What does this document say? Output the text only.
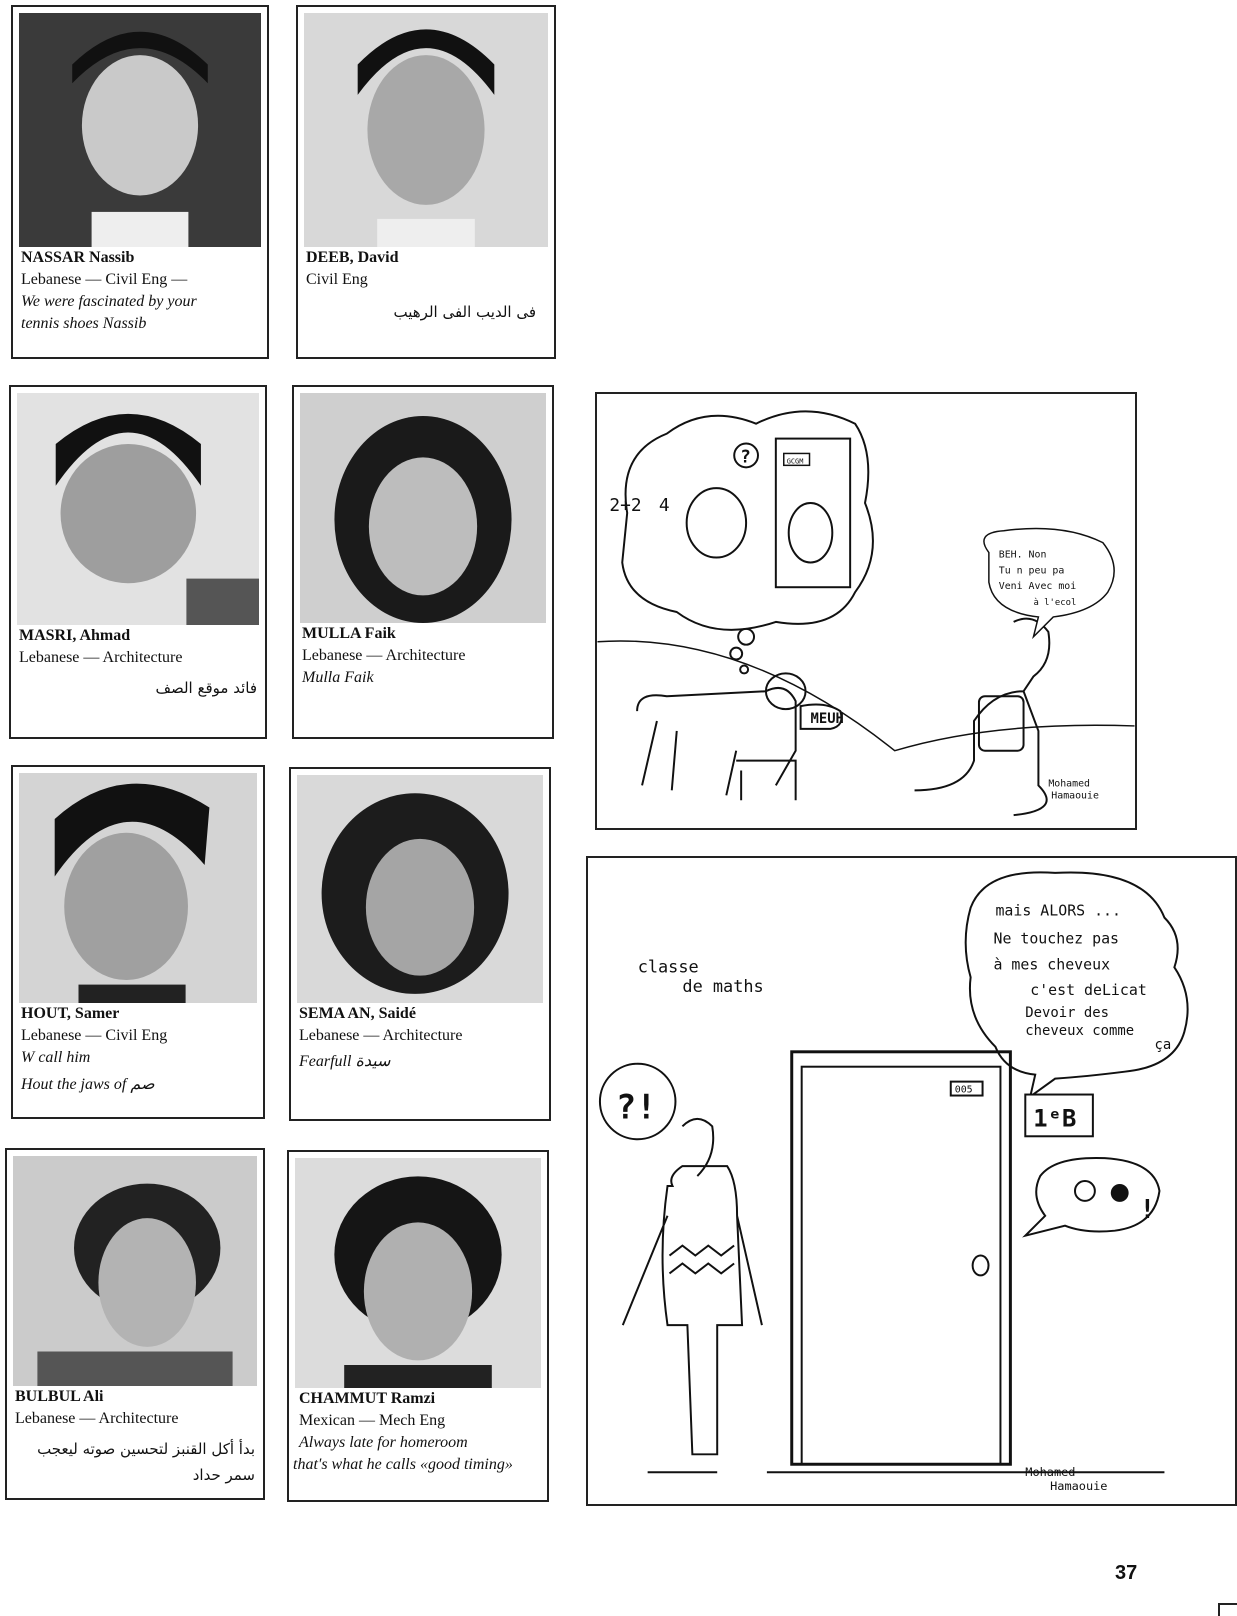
NASSAR Nassib
Lebanese — Civil Eng —
We were fascinated by your
tennis shoes Nassib
DEEB, David
Civil Eng
فى الديب الفى الرهيب
MASRI, Ahmad
Lebanese — Architecture
فائد موقع الصف
MULLA Faik
Lebanese — Architecture
Mulla Faik
HOUT, Samer
Lebanese — Civil Eng
W call him
Hout the jaws of صم
SEMA AN, Saidé
Lebanese — Architecture
Fearfull سيدة
BULBUL Ali
Lebanese — Architecture
بدأ أكل القنبز لتحسين صوته ليعجب سمر حداد
CHAMMUT Ramzi
Mexican — Mech Eng
Always late for homeroom
that's what he calls «good timing»
GCGM
?
2+2 4
MEUH
BEH. Non
Tu n peu pa
Veni Avec moi
à l'ecol
Mohamed
Hamaouie
classe
de maths
mais ALORS ...
Ne touchez pas
à mes cheveux
c'est deLicat
Devoir des
cheveux comme
ça
005
1ᵉB
!
?!
Mohamed
Hamaouie
37
